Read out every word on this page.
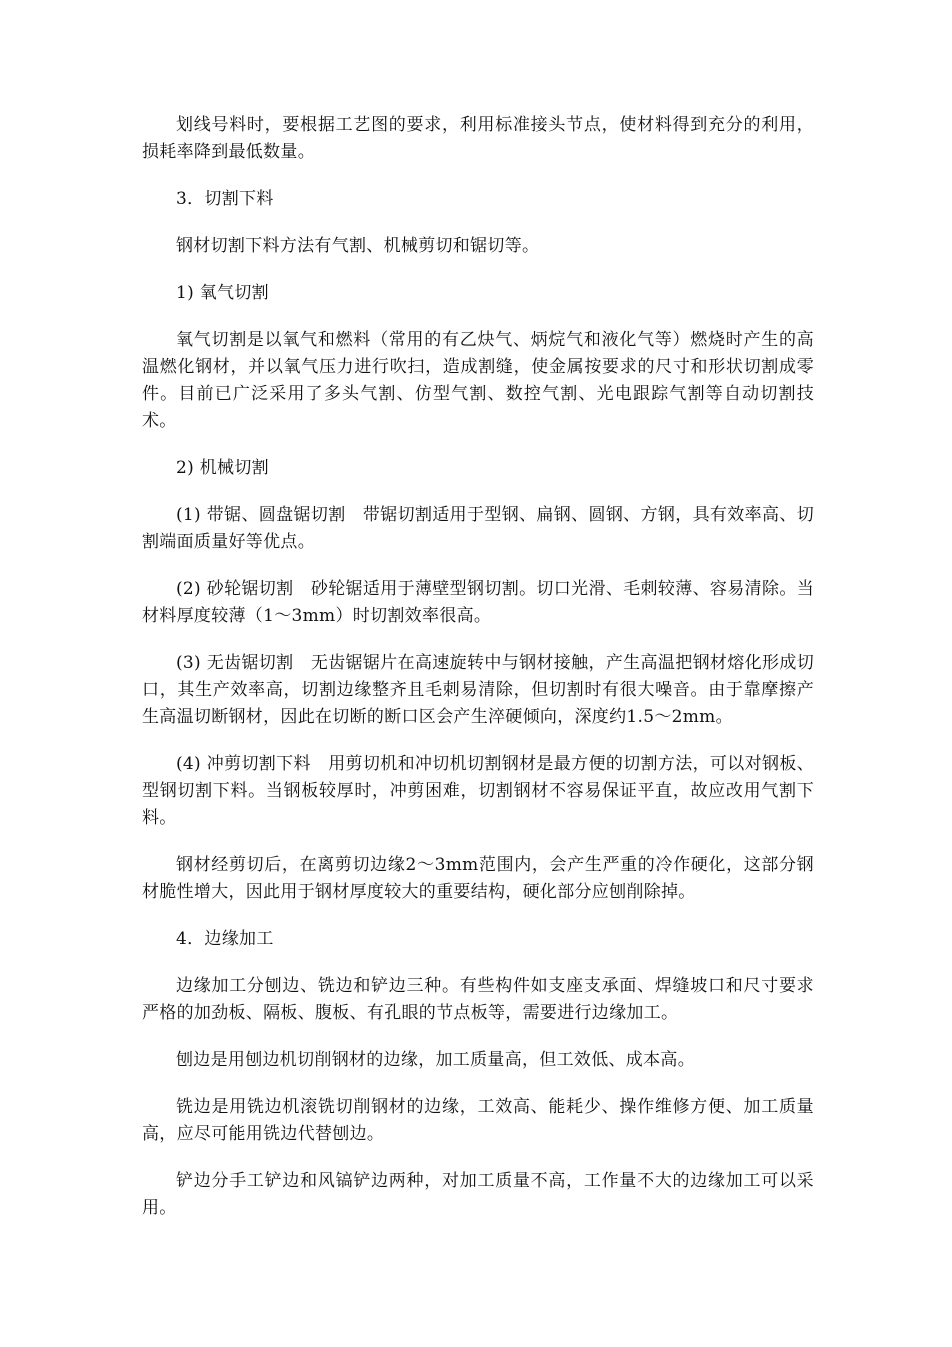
划线号料时，要根据工艺图的要求，利用标准接头节点，使材料得到充分的利用，损耗率降到最低数量。

3．切割下料

钢材切割下料方法有气割、机械剪切和锯切等。

1) 氧气切割

氧气切割是以氧气和燃料（常用的有乙炔气、炳烷气和液化气等）燃烧时产生的高温燃化钢材，并以氧气压力进行吹扫，造成割缝，使金属按要求的尺寸和形状切割成零件。目前已广泛采用了多头气割、仿型气割、数控气割、光电跟踪气割等自动切割技术。

2) 机械切割

(1) 带锯、圆盘锯切割　带锯切割适用于型钢、扁钢、圆钢、方钢，具有效率高、切割端面质量好等优点。

(2) 砂轮锯切割　砂轮锯适用于薄壁型钢切割。切口光滑、毛刺较薄、容易清除。当材料厚度较薄（1～3mm）时切割效率很高。

(3) 无齿锯切割　无齿锯锯片在高速旋转中与钢材接触，产生高温把钢材熔化形成切口，其生产效率高，切割边缘整齐且毛刺易清除，但切割时有很大噪音。由于靠摩擦产生高温切断钢材，因此在切断的断口区会产生淬硬倾向，深度约1.5～2mm。

(4) 冲剪切割下料　用剪切机和冲切机切割钢材是最方便的切割方法，可以对钢板、型钢切割下料。当钢板较厚时，冲剪困难，切割钢材不容易保证平直，故应改用气割下料。

钢材经剪切后，在离剪切边缘2～3mm范围内，会产生严重的冷作硬化，这部分钢材脆性增大，因此用于钢材厚度较大的重要结构，硬化部分应刨削除掉。

4．边缘加工

边缘加工分刨边、铣边和铲边三种。有些构件如支座支承面、焊缝坡口和尺寸要求严格的加劲板、隔板、腹板、有孔眼的节点板等，需要进行边缘加工。

刨边是用刨边机切削钢材的边缘，加工质量高，但工效低、成本高。

铣边是用铣边机滚铣切削钢材的边缘，工效高、能耗少、操作维修方便、加工质量高，应尽可能用铣边代替刨边。

铲边分手工铲边和风镐铲边两种，对加工质量不高，工作量不大的边缘加工可以采用。
